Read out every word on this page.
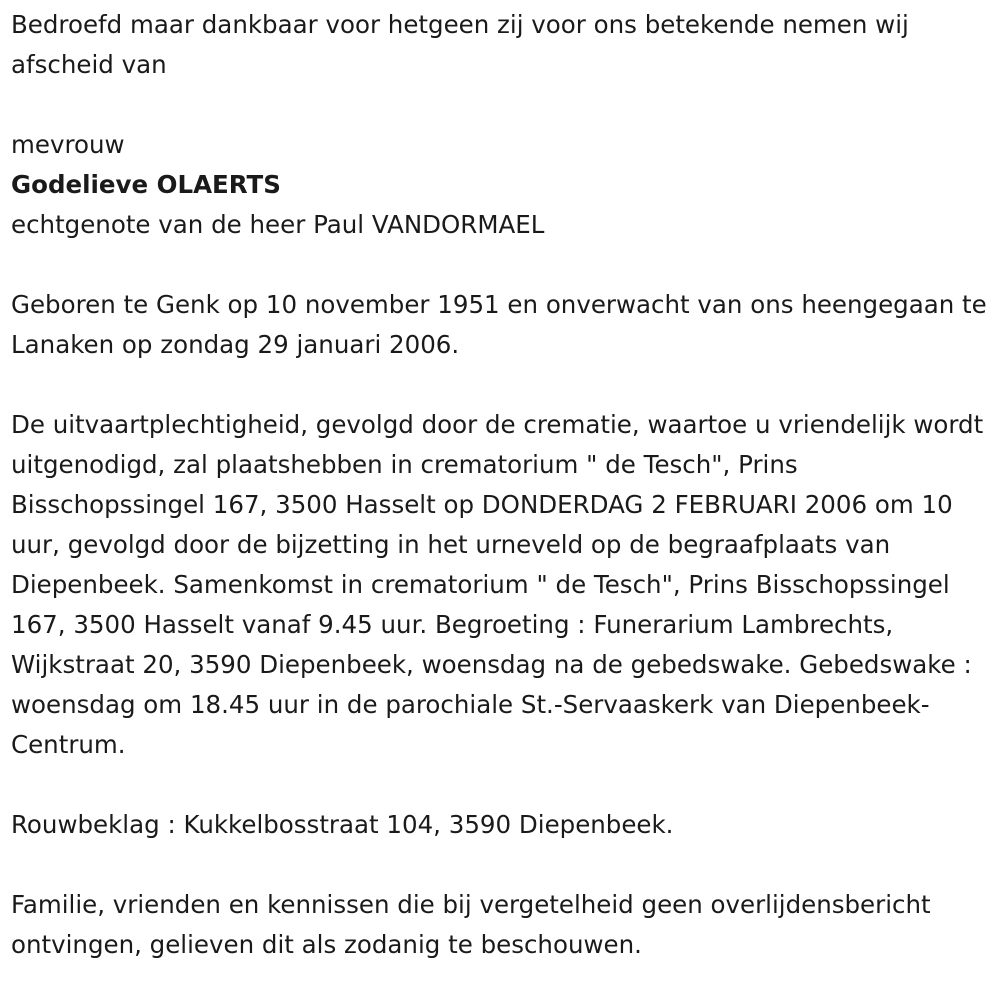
Bedroefd maar dankbaar voor hetgeen zij voor ons betekende nemen wij afscheid van

mevrouw

Godelieve OLAERTS

echtgenote van de heer Paul VANDORMAEL

Geboren te Genk op 10 november 1951 en onverwacht van ons heengegaan te Lanaken op zondag 29 januari 2006.

De uitvaartplechtigheid, gevolgd door de crematie, waartoe u vriendelijk wordt uitgenodigd, zal plaatshebben in crematorium " de Tesch", Prins Bisschopssingel 167, 3500 Hasselt op DONDERDAG 2 FEBRUARI 2006 om 10 uur, gevolgd door de bijzetting in het urneveld op de begraafplaats van Diepenbeek. Samenkomst in crematorium " de Tesch", Prins Bisschopssingel 167, 3500 Hasselt vanaf 9.45 uur. Begroeting : Funerarium Lambrechts, Wijkstraat 20, 3590 Diepenbeek, woensdag na de gebedswake. Gebedswake : woensdag om 18.45 uur in de parochiale St.-Servaaskerk van Diepenbeek-Centrum.

Rouwbeklag : Kukkelbosstraat 104, 3590 Diepenbeek.

Familie, vrienden en kennissen die bij vergetelheid geen overlijdensbericht ontvingen, gelieven dit als zodanig te beschouwen.
